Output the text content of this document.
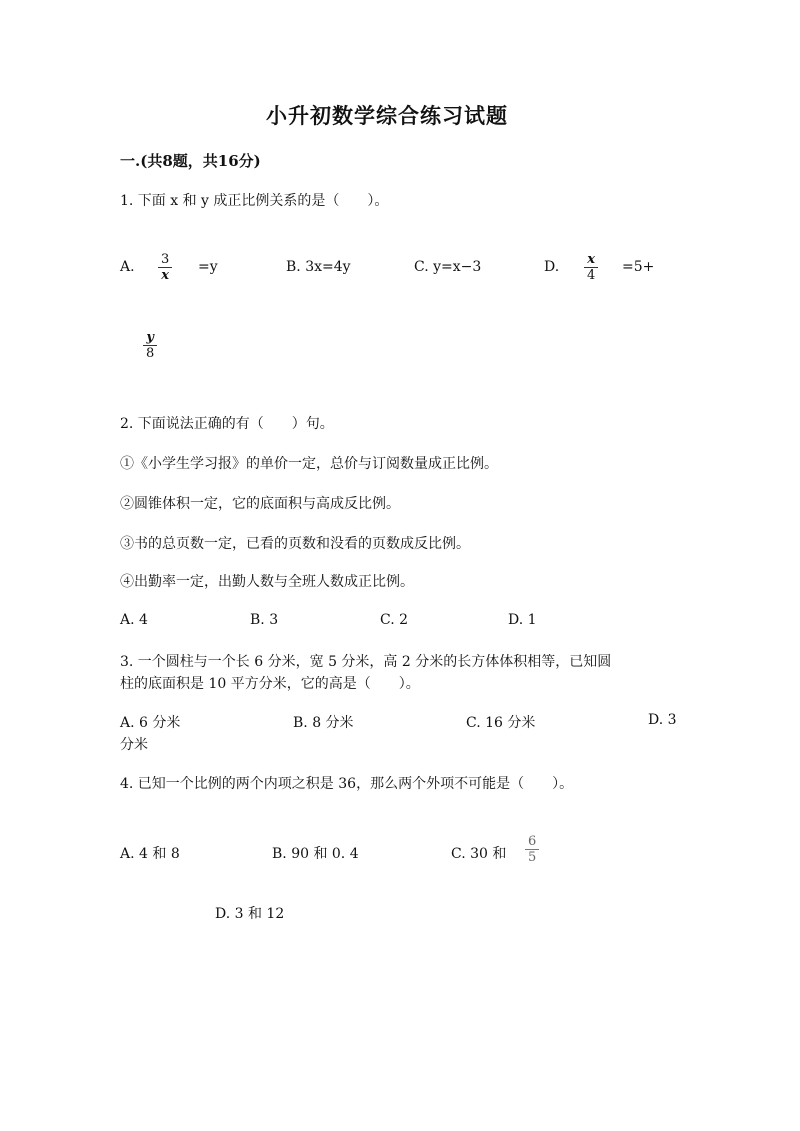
小升初数学综合练习试题
一.(共8题，共16分)
1. 下面 x 和 y 成正比例关系的是（　　）。
A. 3
x
=y	B. 3x=4y	C. y=x−3	D. x
4
=5+
y
8
2. 下面说法正确的有（　　）句。
①《小学生学习报》的单价一定，总价与订阅数量成正比例。
②圆锥体积一定，它的底面积与高成反比例。
③书的总页数一定，已看的页数和没看的页数成反比例。
④出勤率一定，出勤人数与全班人数成正比例。
A. 4	B. 3	C. 2	D. 1
3. 一个圆柱与一个长 6 分米，宽 5 分米，高 2 分米的长方体体积相等，已知圆
柱的底面积是 10 平方分米，它的高是（　　）。
A. 6 分米	B. 8 分米	C. 16 分米	D. 3
分米
4. 已知一个比例的两个内项之积是 36，那么两个外项不可能是（　　）。
A. 4 和 8	B. 90 和 0. 4	C. 30 和
6
5
D. 3 和 12
